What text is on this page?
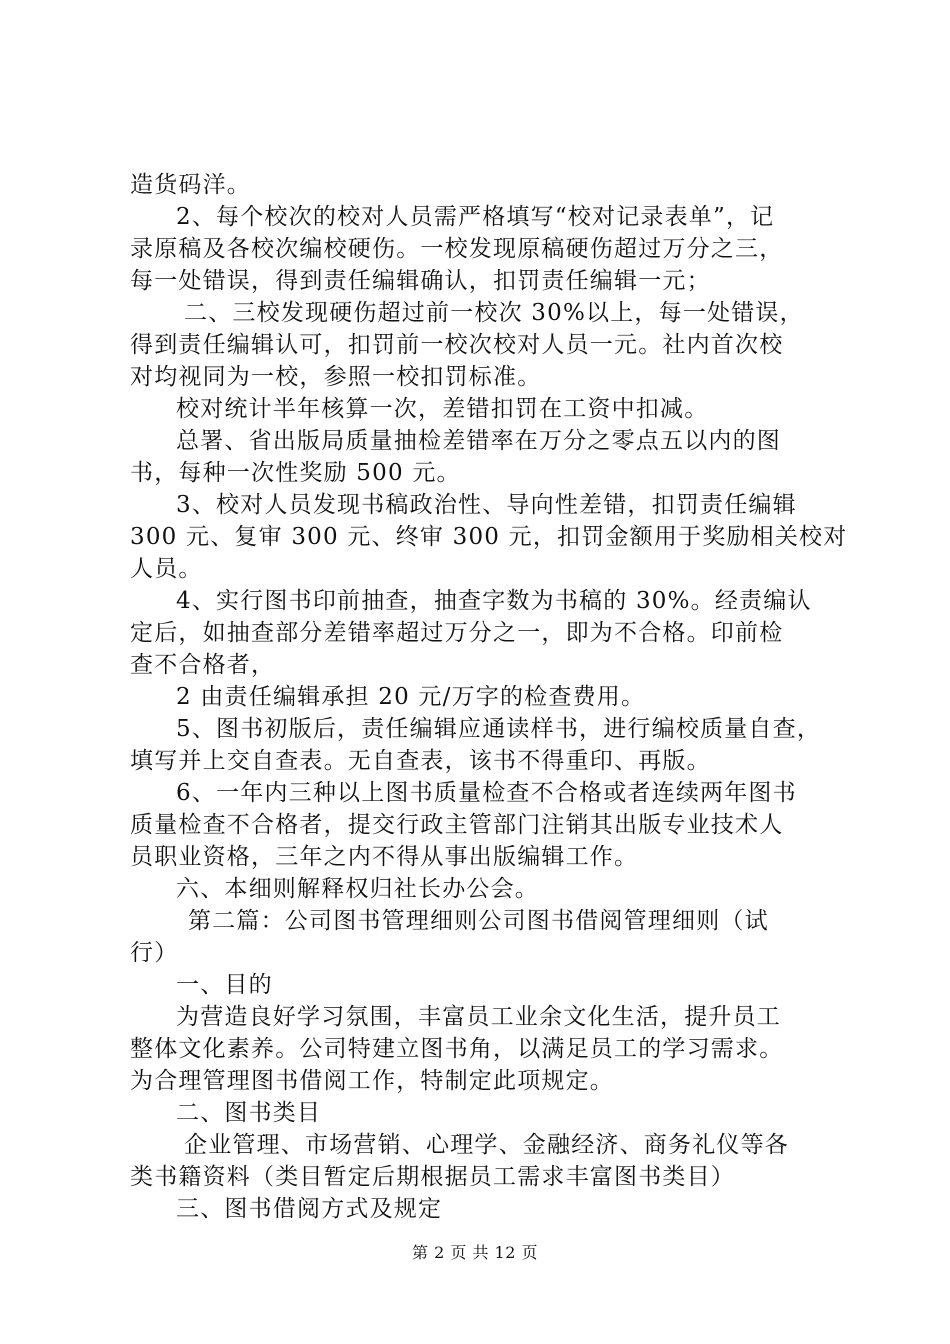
造货码洋。
2、每个校次的校对人员需严格填写“校对记录表单”，记
录原稿及各校次编校硬伤。一校发现原稿硬伤超过万分之三，
每一处错误，得到责任编辑确认，扣罚责任编辑一元；
二、三校发现硬伤超过前一校次 30%以上，每一处错误，
得到责任编辑认可，扣罚前一校次校对人员一元。社内首次校
对均视同为一校，参照一校扣罚标准。
校对统计半年核算一次，差错扣罚在工资中扣减。
总署、省出版局质量抽检差错率在万分之零点五以内的图
书，每种一次性奖励 500 元。
3、校对人员发现书稿政治性、导向性差错，扣罚责任编辑
300 元、复审 300 元、终审 300 元，扣罚金额用于奖励相关校对
人员。
4、实行图书印前抽查，抽查字数为书稿的 30%。经责编认
定后，如抽查部分差错率超过万分之一，即为不合格。印前检
查不合格者，
2 由责任编辑承担 20 元/万字的检查费用。
5、图书初版后，责任编辑应通读样书，进行编校质量自查，
填写并上交自查表。无自查表，该书不得重印、再版。
6、一年内三种以上图书质量检查不合格或者连续两年图书
质量检查不合格者，提交行政主管部门注销其出版专业技术人
员职业资格，三年之内不得从事出版编辑工作。
六、本细则解释权归社长办公会。
第二篇：公司图书管理细则公司图书借阅管理细则（试
行）
一、目的
为营造良好学习氛围，丰富员工业余文化生活，提升员工
整体文化素养。公司特建立图书角，以满足员工的学习需求。
为合理管理图书借阅工作，特制定此项规定。
二、图书类目
企业管理、市场营销、心理学、金融经济、商务礼仪等各
类书籍资料（类目暂定后期根据员工需求丰富图书类目）
三、图书借阅方式及规定
第 2 页 共 12 页
